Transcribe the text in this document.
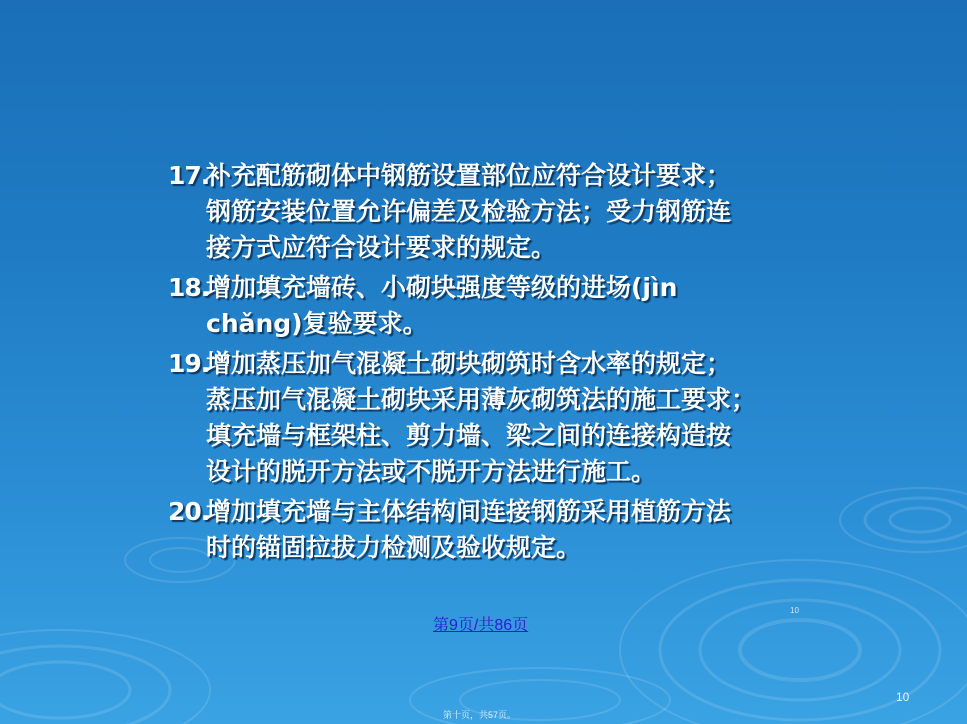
17.
补充配筋砌体中钢筋设置部位应符合设计要求；
钢筋安装位置允许偏差及检验方法；受力钢筋连
接方式应符合设计要求的规定。
18.
增加填充墙砖、小砌块强度等级的进场(jìn
chǎng)复验要求。
19.
增加蒸压加气混凝土砌块砌筑时含水率的规定；
蒸压加气混凝土砌块采用薄灰砌筑法的施工要求；
填充墙与框架柱、剪力墙、梁之间的连接构造按
设计的脱开方法或不脱开方法进行施工。
20.
增加填充墙与主体结构间连接钢筋采用植筋方法
时的锚固拉拔力检测及验收规定。
第9页/共86页
10
10
第十页，共57页。
